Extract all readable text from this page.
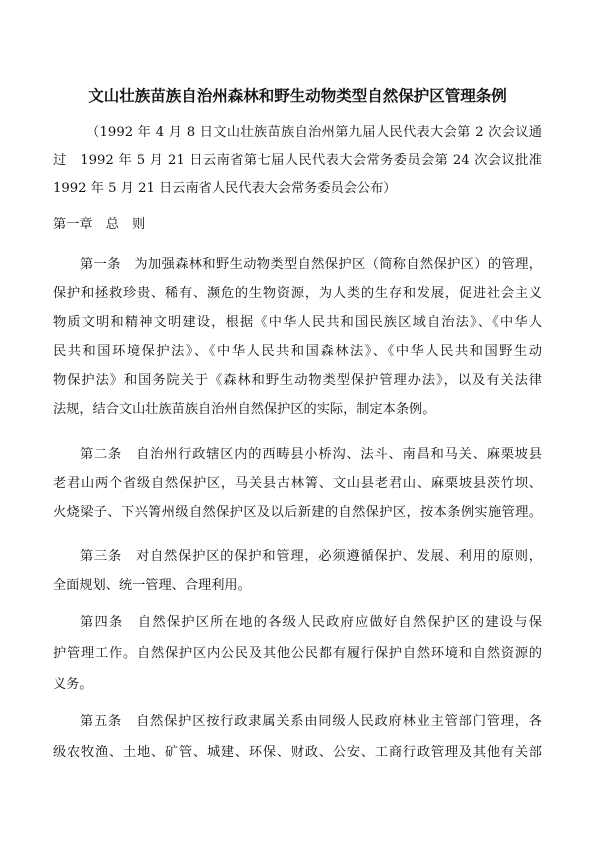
文山壮族苗族自治州森林和野生动物类型自然保护区管理条例
（1992 年 4 月 8 日文山壮族苗族自治州第九届人民代表大会第 2 次会议通
过　1992 年 5 月 21 日云南省第七届人民代表大会常务委员会第 24 次会议批准
1992 年 5 月 21 日云南省人民代表大会常务委员会公布）
第一章　总　则
第一条　为加强森林和野生动物类型自然保护区（简称自然保护区）的管理，
保护和拯救珍贵、稀有、濒危的生物资源，为人类的生存和发展，促进社会主义
物质文明和精神文明建设，根据《中华人民共和国民族区域自治法》、《中华人
民共和国环境保护法》、《中华人民共和国森林法》、《中华人民共和国野生动
物保护法》和国务院关于《森林和野生动物类型保护管理办法》，以及有关法律
法规，结合文山壮族苗族自治州自然保护区的实际，制定本条例。
第二条　自治州行政辖区内的西畴县小桥沟、法斗、南昌和马关、麻栗坡县
老君山两个省级自然保护区，马关县古林箐、文山县老君山、麻栗坡县茨竹坝、
火烧梁子、下兴箐州级自然保护区及以后新建的自然保护区，按本条例实施管理。
第三条　对自然保护区的保护和管理，必须遵循保护、发展、利用的原则，
全面规划、统一管理、合理利用。
第四条　自然保护区所在地的各级人民政府应做好自然保护区的建设与保
护管理工作。自然保护区内公民及其他公民都有履行保护自然环境和自然资源的
义务。
第五条　自然保护区按行政隶属关系由同级人民政府林业主管部门管理，各
级农牧渔、土地、矿管、城建、环保、财政、公安、工商行政管理及其他有关部
